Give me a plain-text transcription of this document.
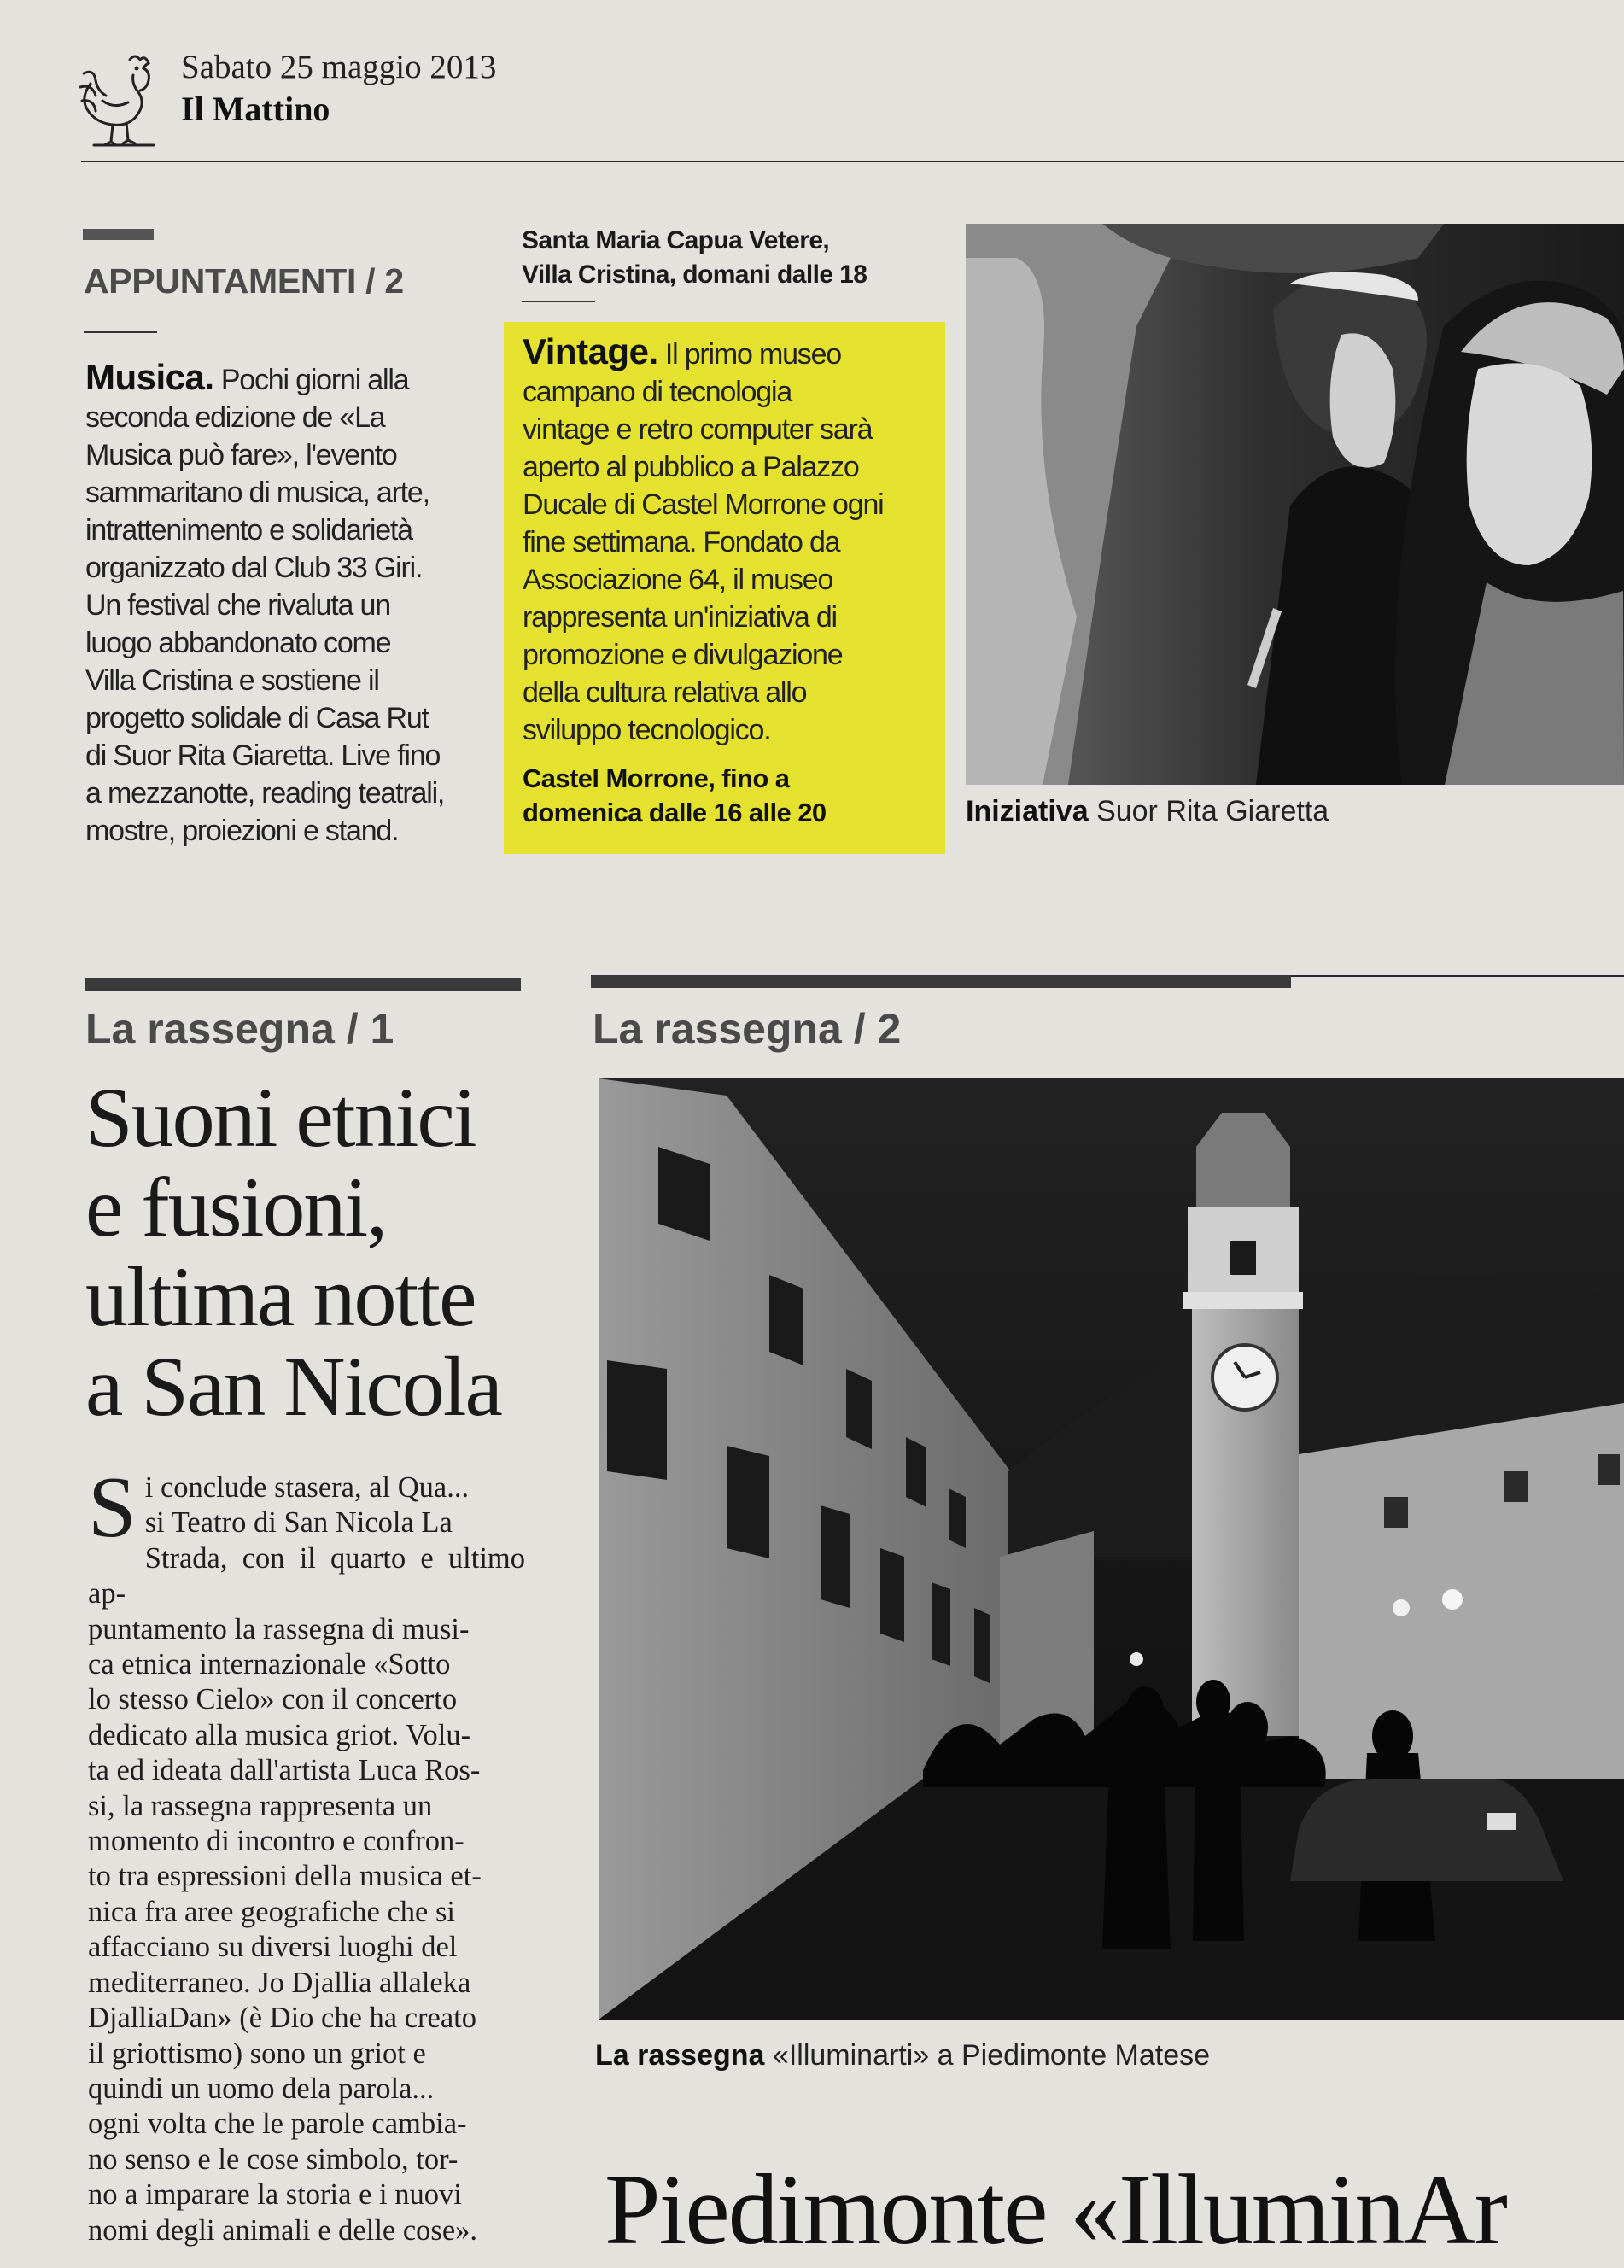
Sabato 25 maggio 2013
Il Mattino
APPUNTAMENTI / 2
Musica. Pochi giorni alla
seconda edizione de «La
Musica può fare», l'evento
sammaritano di musica, arte,
intrattenimento e solidarietà
organizzato dal Club 33 Giri.
Un festival che rivaluta un
luogo abbandonato come
Villa Cristina e sostiene il
progetto solidale di Casa Rut
di Suor Rita Giaretta. Live fino
a mezzanotte, reading teatrali,
mostre, proiezioni e stand.
Santa Maria Capua Vetere,
Villa Cristina, domani dalle 18
Vintage. Il primo museo
campano di tecnologia
vintage e retro computer sarà
aperto al pubblico a Palazzo
Ducale di Castel Morrone ogni
fine settimana. Fondato da
Associazione 64, il museo
rappresenta un'iniziativa di
promozione e divulgazione
della cultura relativa allo
sviluppo tecnologico.
Castel Morrone, fino a
domenica dalle 16 alle 20	Iniziativa Suor Rita Giaretta
La rassegna / 1
Suoni etnici
e fusioni,
ultima notte
a San Nicola
S i conclude stasera, al Qua...
si Teatro di San Nicola La
Strada, con il quarto e ultimo ap-
puntamento la rassegna di musi-
ca etnica internazionale «Sotto
lo stesso Cielo» con il concerto
dedicato alla musica griot. Volu-
ta ed ideata dall'artista Luca Ros-
si, la rassegna rappresenta un
momento di incontro e confron-
to tra espressioni della musica et-
nica fra aree geografiche che si
affacciano su diversi luoghi del
mediterraneo. Jo Djallia allaleka
DjalliaDan» (è Dio che ha creato
il griottismo) sono un griot e
quindi un uomo dela parola...
ogni volta che le parole cambia-
no senso e le cose simbolo, tor-
no a imparare la storia e i nuovi
nomi degli animali e delle cose».
La rassegna / 2
La rassegna «Illuminarti» a Piedimonte Matese
Piedimonte «IlluminAr
